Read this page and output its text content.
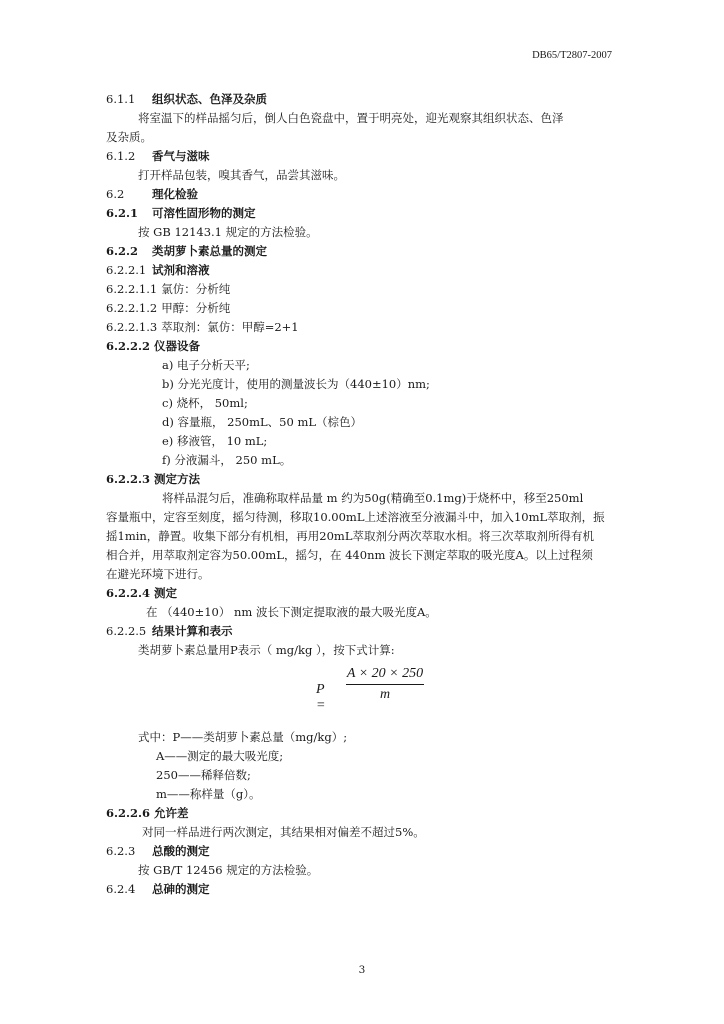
DB65/T2807-2007
6.1.1 组织状态、色泽及杂质
将室温下的样品摇匀后，倒人白色瓷盘中，置于明亮处，迎光观察其组织状态、色泽
及杂质。
6.1.2 香气与滋味
打开样品包装，嗅其香气，品尝其滋味。
6.2 理化检验
6.2.1 可溶性固形物的测定
按 GB 12143.1 规定的方法检验。
6.2.2 类胡萝卜素总量的测定
6.2.2.1 试剂和溶液
6.2.2.1.1 氯仿：分析纯
6.2.2.1.2 甲醇：分析纯
6.2.2.1.3 萃取剂：氯仿：甲醇=2+1
6.2.2.2 仪器设备
a) 电子分析天平;
b) 分光光度计，使用的测量波长为（440±10）nm;
c) 烧杯， 50ml;
d) 容量瓶， 250mL、50 mL（棕色）
e) 移液管， 10 mL;
f) 分液漏斗， 250 mL。
6.2.2.3 测定方法
将样品混匀后，准确称取样品量 m 约为50g(精确至0.1mg)于烧杯中，移至250ml
容量瓶中，定容至刻度，摇匀待测，移取10.00mL上述溶液至分液漏斗中，加入10mL萃取剂，振
摇1min，静置。收集下部分有机相，再用20mL萃取剂分两次萃取水相。将三次萃取剂所得有机
相合并，用萃取剂定容为50.00mL，摇匀，在 440nm 波长下测定萃取的吸光度A。以上过程须
在避光环境下进行。
6.2.2.4 测定
在 （440±10） nm 波长下测定提取液的最大吸光度A。
6.2.2.5 结果计算和表示
类胡萝卜素总量用P表示（ mg/kg ），按下式计算:
P =
$\frac{A \times 20 \times 250}{m}$
式中：P——类胡萝卜素总量（mg/kg）;
A——测定的最大吸光度;
250——稀释倍数;
m——称样量（g）。
6.2.2.6 允许差
对同一样品进行两次测定，其结果相对偏差不超过5%。
6.2.3 总酸的测定
按 GB/T 12456 规定的方法检验。
6.2.4 总砷的测定
3
